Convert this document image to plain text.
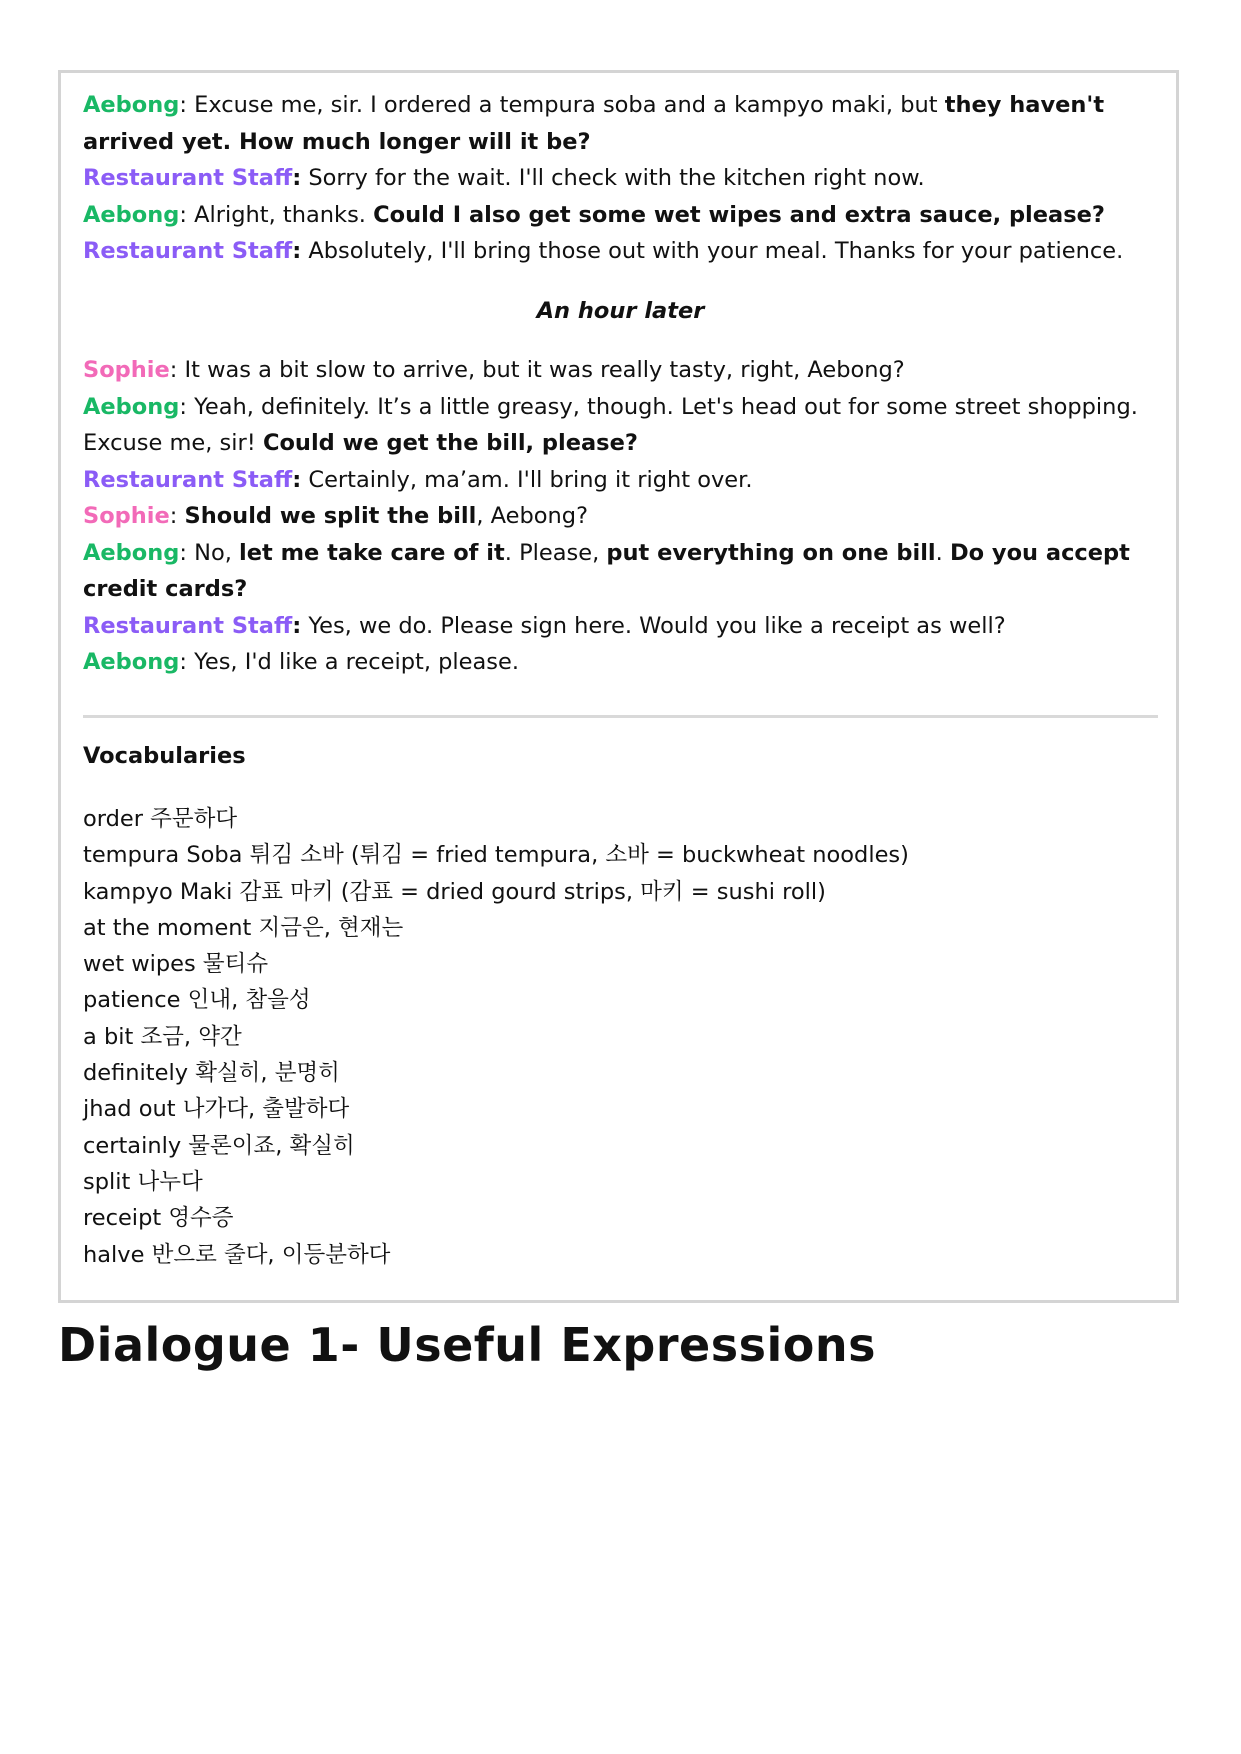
Aebong: Excuse me, sir. I ordered a tempura soba and a kampyo maki, but they haven't arrived yet. How much longer will it be?
Restaurant Staff: Sorry for the wait. I'll check with the kitchen right now.
Aebong: Alright, thanks. Could I also get some wet wipes and extra sauce, please?
Restaurant Staff: Absolutely, I'll bring those out with your meal. Thanks for your patience.
An hour later
Sophie: It was a bit slow to arrive, but it was really tasty, right, Aebong?
Aebong: Yeah, definitely. It’s a little greasy, though. Let's head out for some street shopping. Excuse me, sir! Could we get the bill, please?
Restaurant Staff: Certainly, ma’am. I'll bring it right over.
Sophie: Should we split the bill, Aebong?
Aebong: No, let me take care of it. Please, put everything on one bill. Do you accept credit cards?
Restaurant Staff: Yes, we do. Please sign here. Would you like a receipt as well?
Aebong: Yes, I'd like a receipt, please.
Vocabularies
order 주문하다
tempura Soba 튀김 소바 (튀김 = fried tempura, 소바 = buckwheat noodles)
kampyo Maki 감표 마키 (감표 = dried gourd strips, 마키 = sushi roll)
at the moment 지금은, 현재는
wet wipes 물티슈
patience 인내, 참을성
a bit 조금, 약간
definitely 확실히, 분명히
jhad out 나가다, 출발하다
certainly 물론이죠, 확실히
split 나누다
receipt 영수증
halve 반으로 줄다, 이등분하다
Dialogue 1- Useful Expressions
